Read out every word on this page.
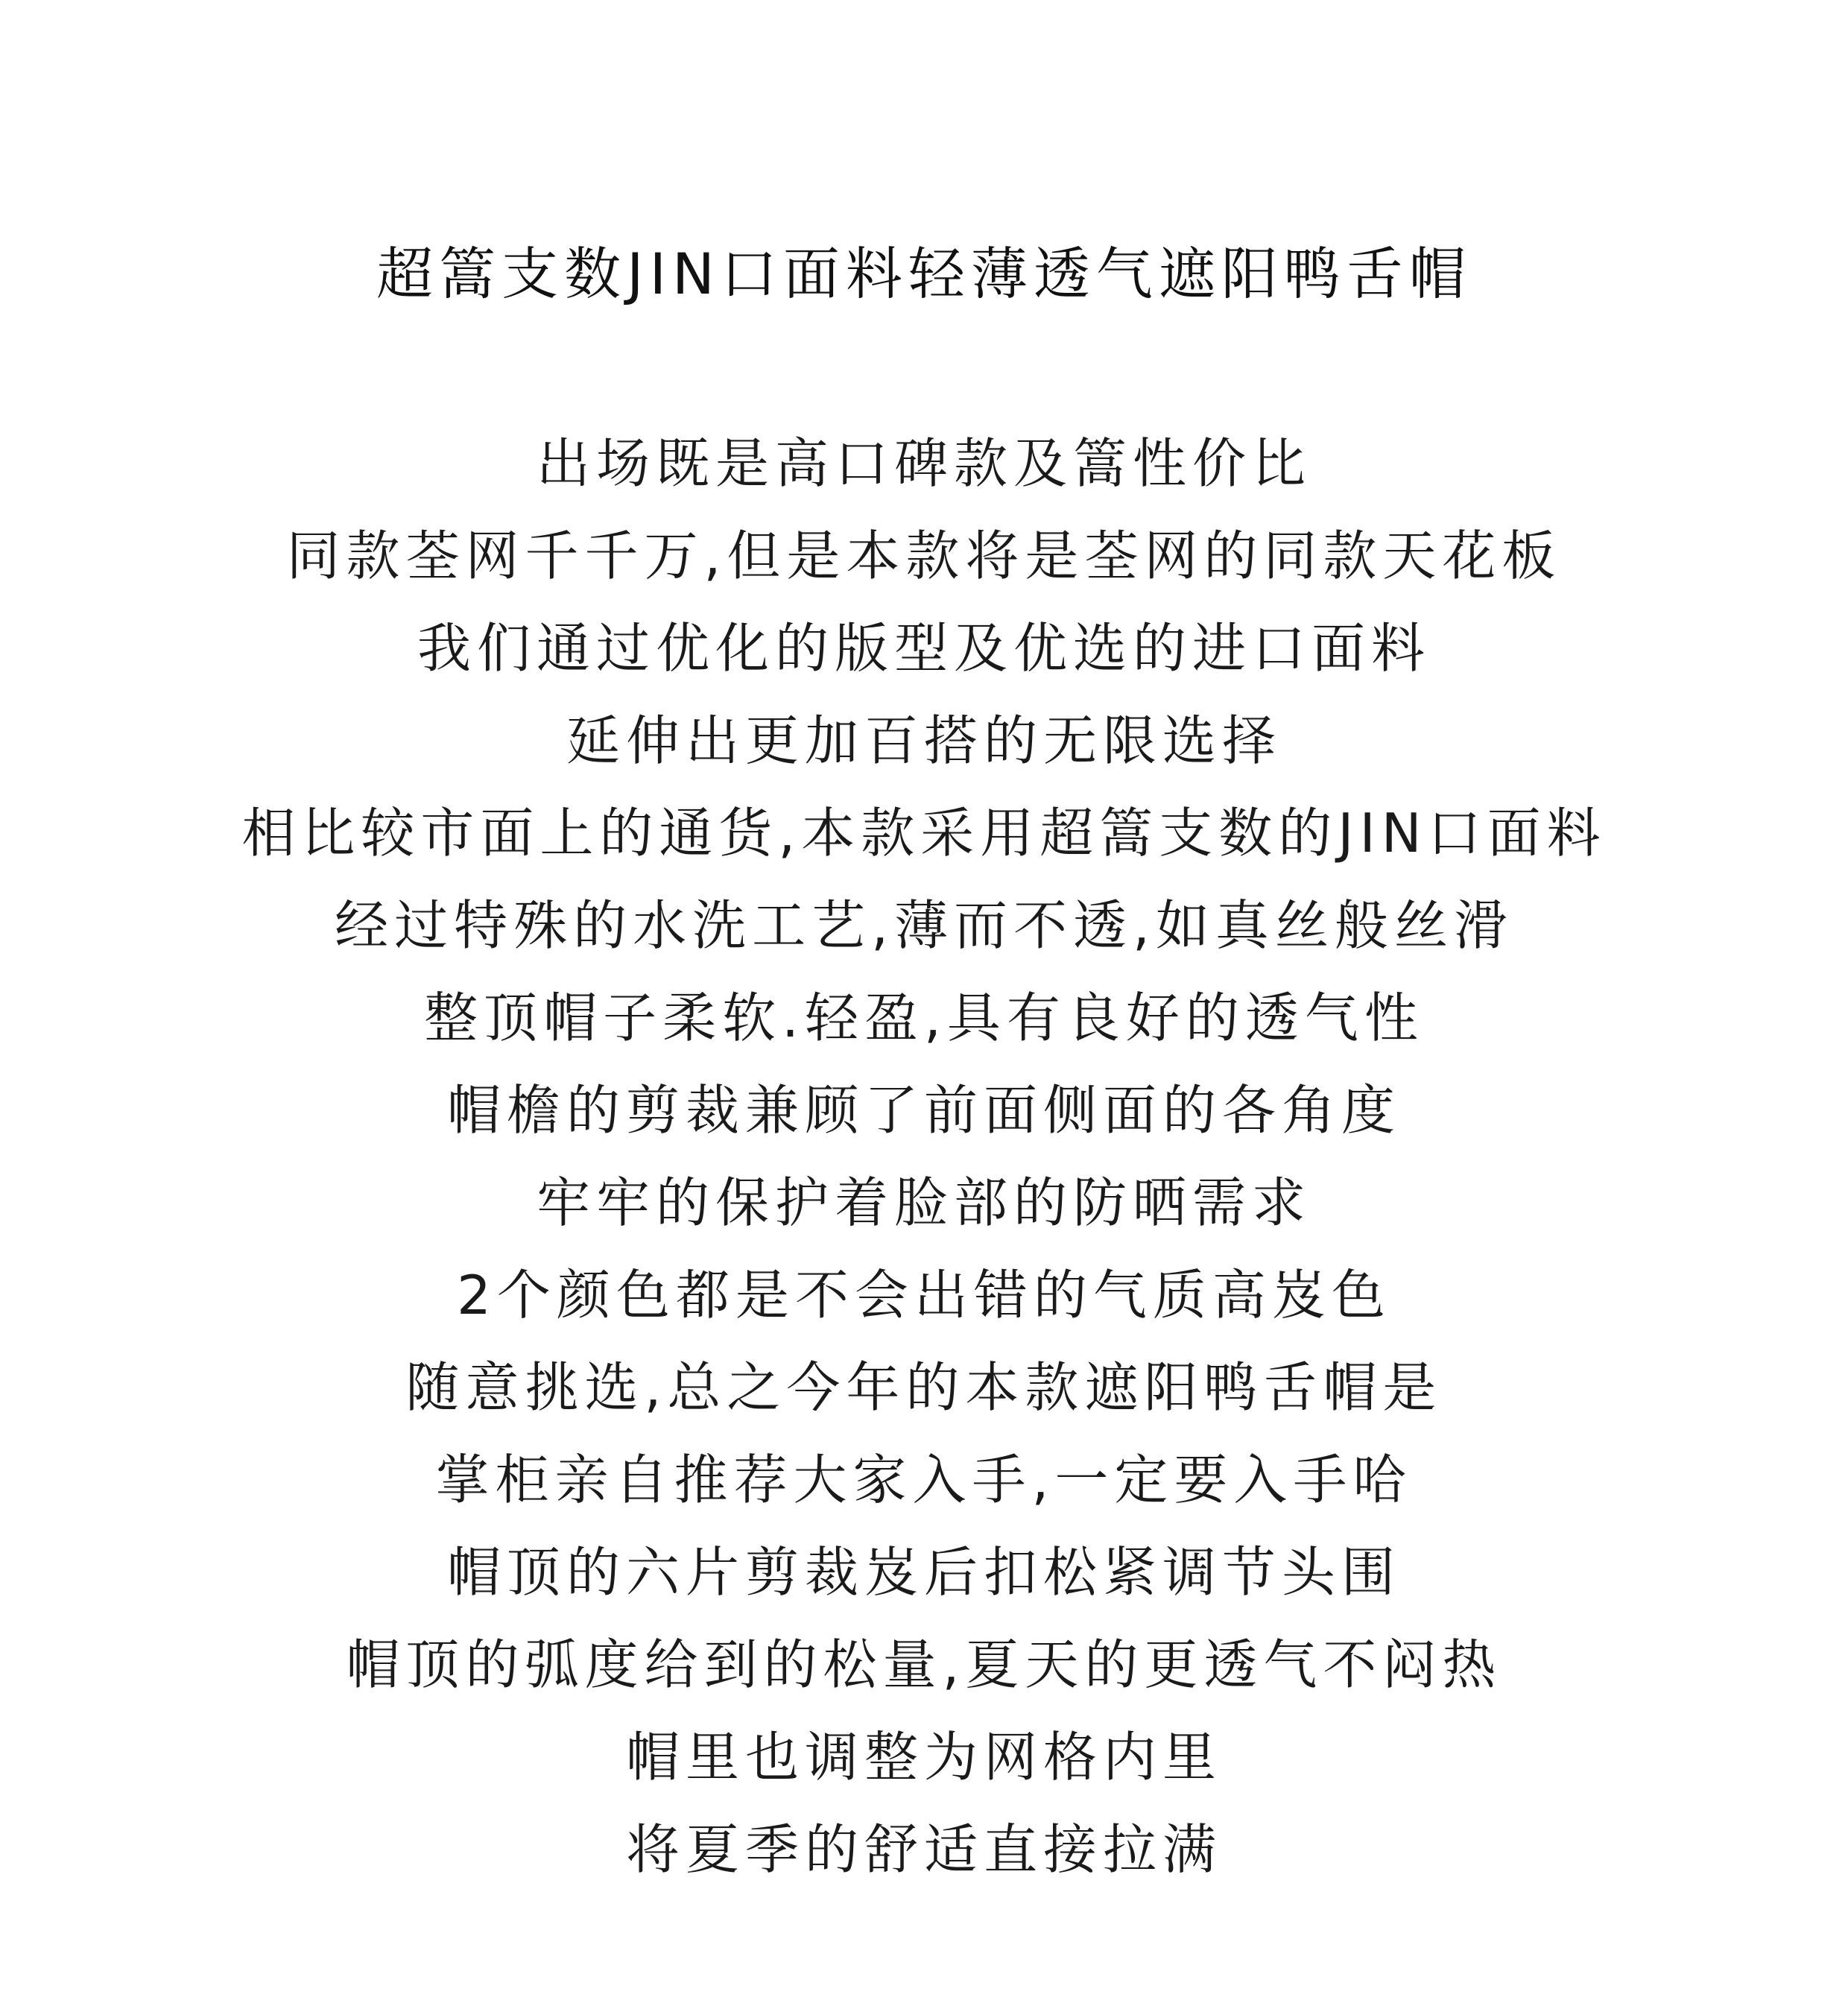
超篙支数JIN口面料轻薄透气遮阳鸭舌帽
出场既是高口碑款及篙性价比
同款荃网千千万,但是本款将是荃网的同款天花板
我们通过优化的版型及优选的进口面料
延伸出更加百搭的无限选择
相比较市面上的通货,本款采用超篙支数的JIN口面料
经过特殊的水洗工艺,薄而不透,如真丝般丝滑
整顶帽子柔软.轻盈,具有良好的透气性
帽檐的剪裁兼顾了前面侧面的各角度
牢牢的保护着脸部的防晒需求
2个颜色都是不会出错的气质高岌色
随意挑选,总之今年的本款遮阳鸭舌帽是
掌柜亲自推荐大家入手,一定要入手哈
帽顶的六片剪裁岌后扣松紧调节头围
帽顶的弧度给到的松量,夏天的更透气不闷热
帽里也调整为网格内里
将夏季的舒适直接拉满
